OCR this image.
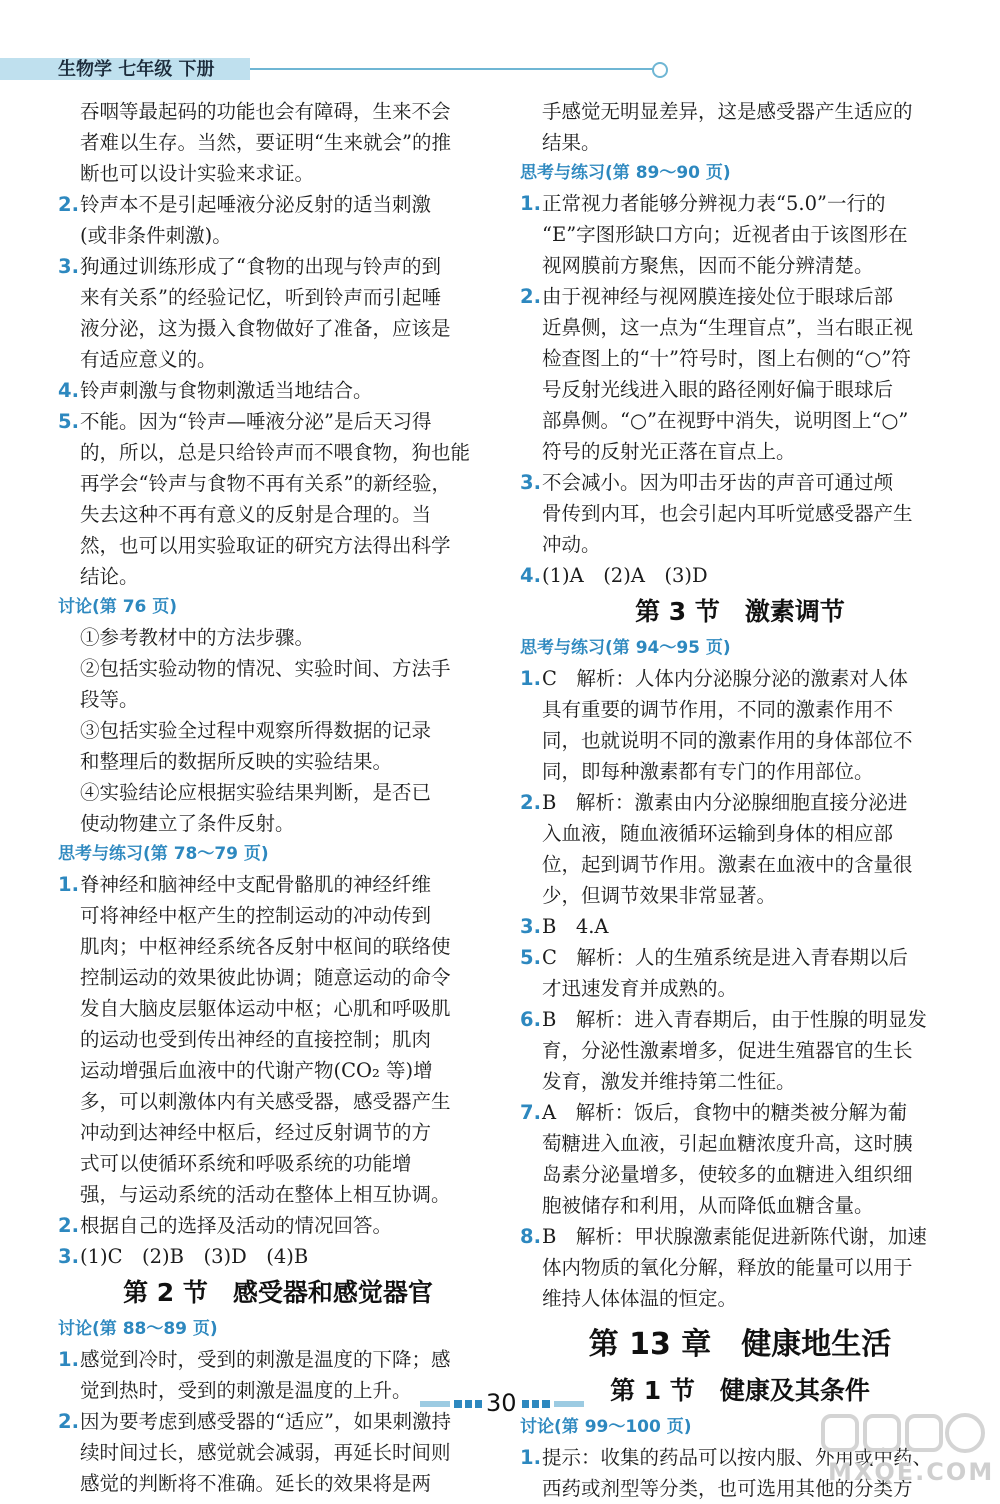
生物学 七年级 下册

吞咽等最起码的功能也会有障碍，生来不会

者难以生存。当然，要证明“生来就会”的推

断也可以设计实验来求证。

2. 铃声本不是引起唾液分泌反射的适当刺激
(或非条件刺激)。
3. 狗通过训练形成了“食物的出现与铃声的到
来有关系”的经验记忆，听到铃声而引起唾
液分泌，这为摄入食物做好了准备，应该是
有适应意义的。
4. 铃声刺激与食物刺激适当地结合。
5. 不能。因为“铃声—唾液分泌”是后天习得
的，所以，总是只给铃声而不喂食物，狗也能
再学会“铃声与食物不再有关系”的新经验，
失去这种不再有意义的反射是合理的。当
然，也可以用实验取证的研究方法得出科学
结论。
讨论(第 76 页)

①参考教材中的方法步骤。

②包括实验动物的情况、实验时间、方法手

段等。

③包括实验全过程中观察所得数据的记录

和整理后的数据所反映的实验结果。

④实验结论应根据实验结果判断，是否已

使动物建立了条件反射。

思考与练习(第 78～79 页)
1. 脊神经和脑神经中支配骨骼肌的神经纤维
可将神经中枢产生的控制运动的冲动传到
肌肉；中枢神经系统各反射中枢间的联络使
控制运动的效果彼此协调；随意运动的命令
发自大脑皮层躯体运动中枢；心肌和呼吸肌
的运动也受到传出神经的直接控制；肌肉
运动增强后血液中的代谢产物(CO₂ 等)增
多，可以刺激体内有关感受器，感受器产生
冲动到达神经中枢后，经过反射调节的方
式可以使循环系统和呼吸系统的功能增
强，与运动系统的活动在整体上相互协调。
2. 根据自己的选择及活动的情况回答。
3. (1)C　(2)B　(3)D　(4)B
第 2 节　感受器和感觉器官
讨论(第 88～89 页)
1. 感觉到冷时，受到的刺激是温度的下降；感
觉到热时，受到的刺激是温度的上升。
2. 因为要考虑到感受器的“适应”，如果刺激持
续时间过长，感觉就会减弱，再延长时间则
感觉的判断将不准确。延长的效果将是两

手感觉无明显差异，这是感受器产生适应的

结果。

思考与练习(第 89～90 页)
1. 正常视力者能够分辨视力表“5.0”一行的
“E”字图形缺口方向；近视者由于该图形在
视网膜前方聚焦，因而不能分辨清楚。
2. 由于视神经与视网膜连接处位于眼球后部
近鼻侧，这一点为“生理盲点”，当右眼正视
检查图上的“十”符号时，图上右侧的“○”符
号反射光线进入眼的路径刚好偏于眼球后
部鼻侧。“○”在视野中消失，说明图上“○”
符号的反射光正落在盲点上。
3. 不会减小。因为叩击牙齿的声音可通过颅
骨传到内耳，也会引起内耳听觉感受器产生
冲动。
4. (1)A　(2)A　(3)D
第 3 节　激素调节
思考与练习(第 94～95 页)
1. C　解析：人体内分泌腺分泌的激素对人体
具有重要的调节作用，不同的激素作用不
同，也就说明不同的激素作用的身体部位不
同，即每种激素都有专门的作用部位。
2. B　解析：激素由内分泌腺细胞直接分泌进
入血液，随血液循环运输到身体的相应部
位，起到调节作用。激素在血液中的含量很
少，但调节效果非常显著。
3. B　4.A
5. C　解析：人的生殖系统是进入青春期以后
才迅速发育并成熟的。
6. B　解析：进入青春期后，由于性腺的明显发
育，分泌性激素增多，促进生殖器官的生长
发育，激发并维持第二性征。
7. A　解析：饭后，食物中的糖类被分解为葡
萄糖进入血液，引起血糖浓度升高，这时胰
岛素分泌量增多，使较多的血糖进入组织细
胞被储存和利用，从而降低血糖含量。
8. B　解析：甲状腺激素能促进新陈代谢，加速
体内物质的氧化分解，释放的能量可以用于
维持人体体温的恒定。
第 13 章　健康地生活
第 1 节　健康及其条件
讨论(第 99～100 页)
1. 提示：收集的药品可以按内服、外用或中药、
西药或剂型等分类，也可选用其他的分类方
30
MXQE.COM
